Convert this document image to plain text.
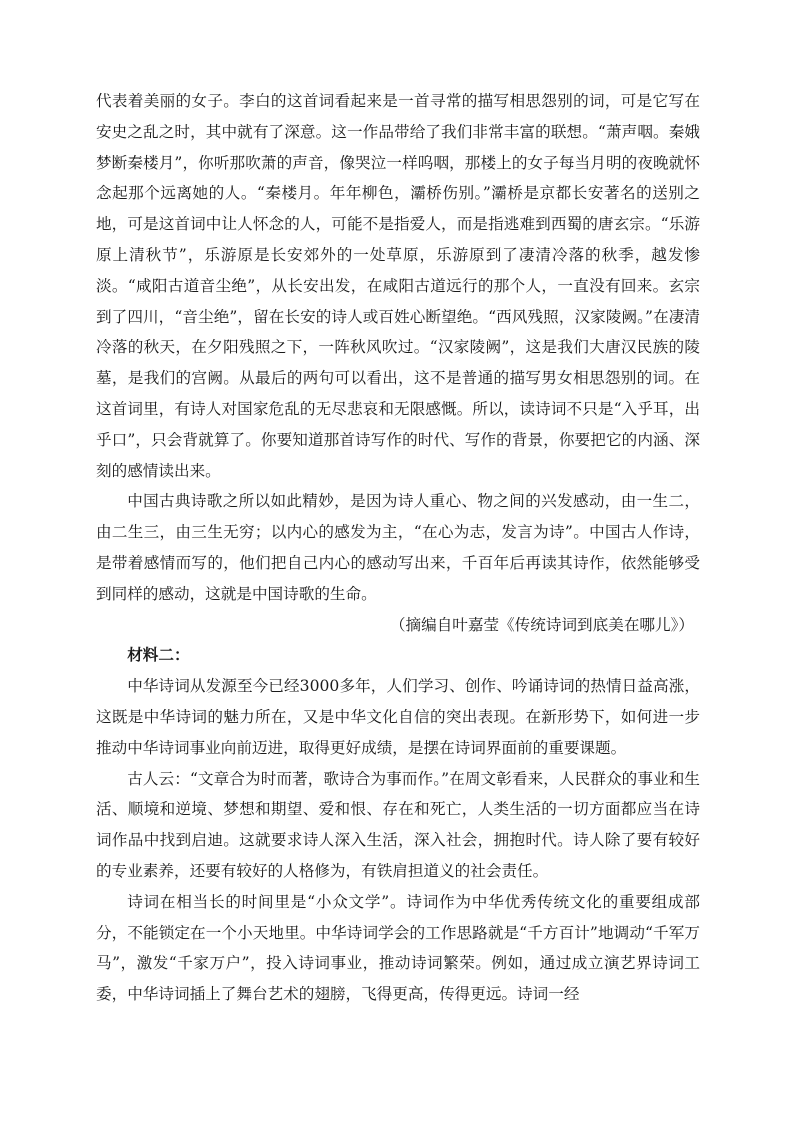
代表着美丽的女子。李白的这首词看起来是一首寻常的描写相思怨别的词，可是它写在安史之乱之时，其中就有了深意。这一作品带给了我们非常丰富的联想。“萧声咽。秦娥梦断秦楼月”，你听那吹萧的声音，像哭泣一样呜咽，那楼上的女子每当月明的夜晚就怀念起那个远离她的人。“秦楼月。年年柳色，灞桥伤别。”灞桥是京都长安著名的送别之地，可是这首词中让人怀念的人，可能不是指爱人，而是指逃难到西蜀的唐玄宗。“乐游原上清秋节”，乐游原是长安郊外的一处草原，乐游原到了凄清冷落的秋季，越发惨淡。“咸阳古道音尘绝”，从长安出发，在咸阳古道远行的那个人，一直没有回来。玄宗到了四川，“音尘绝”，留在长安的诗人或百姓心断望绝。“西风残照，汉家陵阙。”在凄清冷落的秋天，在夕阳残照之下，一阵秋风吹过。“汉家陵阙”，这是我们大唐汉民族的陵墓，是我们的宫阙。从最后的两句可以看出，这不是普通的描写男女相思怨别的词。在这首词里，有诗人对国家危乱的无尽悲哀和无限感慨。所以，读诗词不只是“入乎耳，出乎口”，只会背就算了。你要知道那首诗写作的时代、写作的背景，你要把它的内涵、深刻的感情读出来。

中国古典诗歌之所以如此精妙，是因为诗人重心、物之间的兴发感动，由一生二，由二生三，由三生无穷；以内心的感发为主，“在心为志，发言为诗”。中国古人作诗，是带着感情而写的，他们把自己内心的感动写出来，千百年后再读其诗作，依然能够受到同样的感动，这就是中国诗歌的生命。

（摘编自叶嘉莹《传统诗词到底美在哪儿》）

材料二：

中华诗词从发源至今已经3000多年，人们学习、创作、吟诵诗词的热情日益高涨，这既是中华诗词的魅力所在，又是中华文化自信的突出表现。在新形势下，如何进一步推动中华诗词事业向前迈进，取得更好成绩，是摆在诗词界面前的重要课题。

古人云：“文章合为时而著，歌诗合为事而作。”在周文彰看来，人民群众的事业和生活、顺境和逆境、梦想和期望、爱和恨、存在和死亡，人类生活的一切方面都应当在诗词作品中找到启迪。这就要求诗人深入生活，深入社会，拥抱时代。诗人除了要有较好的专业素养，还要有较好的人格修为，有铁肩担道义的社会责任。

诗词在相当长的时间里是“小众文学”。诗词作为中华优秀传统文化的重要组成部分，不能锁定在一个小天地里。中华诗词学会的工作思路就是“千方百计”地调动“千军万马”，激发“千家万户”，投入诗词事业，推动诗词繁荣。例如，通过成立演艺界诗词工委，中华诗词插上了舞台艺术的翅膀，飞得更高，传得更远。诗词一经
